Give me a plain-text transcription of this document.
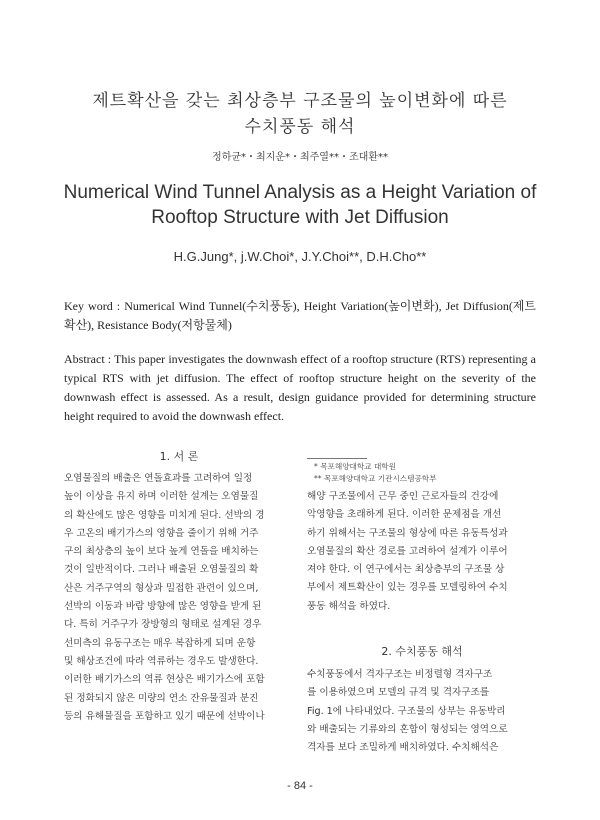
제트확산을 갖는 최상층부 구조물의 높이변화에 따른
수치풍동 해석
정하균*・최지운*・최주열**・조대환**
Numerical Wind Tunnel Analysis as a Height Variation of
Rooftop Structure with Jet Diffusion
H.G.Jung*, j.W.Choi*, J.Y.Choi**, D.H.Cho**
Key word : Numerical Wind Tunnel(수치풍동), Height Variation(높이변화), Jet Diffusion(제트확산), Resistance Body(저항물체)
Abstract : This paper investigates the downwash effect of a rooftop structure (RTS) representing a typical RTS with jet diffusion. The effect of rooftop structure height on the severity of the downwash effect is assessed. As a result, design guidance provided for determining structure height required to avoid the downwash effect.
1. 서 론
오염물질의 배출은 연돌효과를 고려하여 일정
높이 이상을 유지 하며 이러한 설계는 오염물질
의 확산에도 많은 영향을 미치게 된다. 선박의 경
우 고온의 배기가스의 영향을 줄이기 위해 거주
구의 최상층의 높이 보다 높게 연돌을 배치하는
것이 일반적이다. 그러나 배출된 오염물질의 확
산은 거주구역의 형상과 밀접한 관련이 있으며,
선박의 이동과 바람 방향에 많은 영향을 받게 된
다. 특히 거주구가 장방형의 형태로 설계된 경우
선미측의 유동구조는 매우 복잡하게 되며 운항
및 해상조건에 따라 역류하는 경우도 발생한다.
이러한 배기가스의 역류 현상은 배기가스에 포함
된 정화되지 않은 미량의 연소 잔유물질과 분진
등의 유해물질을 포함하고 있기 때문에 선박이나
* 목포해양대학교 대학원
** 목포해양대학교 기관시스템공학부
해양 구조물에서 근무 중인 근로자들의 건강에
악영향을 초래하게 된다. 이러한 문제점을 개선
하기 위해서는 구조물의 형상에 따른 유동특성과
오염물질의 확산 경로를 고려하여 설계가 이루어
져야 한다. 이 연구에서는 최상층부의 구조물 상
부에서 제트확산이 있는 경우를 모델링하여 수치
풍동 해석을 하였다.
2. 수치풍동 해석
수치풍동에서 격자구조는 비정렬형 격자구조
를 이용하였으며 모델의 규격 및 격자구조를
Fig. 1에 나타내었다. 구조물의 상부는 유동박리
와 배출되는 기류와의 혼합이 형성되는 영역으로
격자를 보다 조밀하게 배치하였다. 수치해석은
- 84 -
